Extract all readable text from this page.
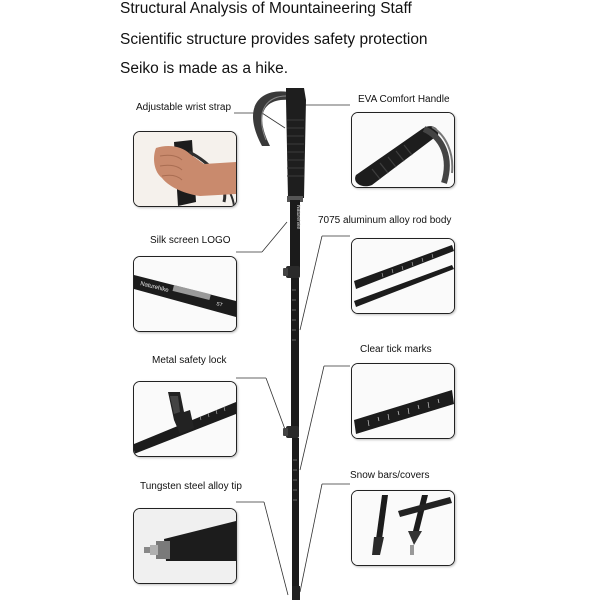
Structural Analysis of Mountaineering Staff
Scientific structure provides safety protection
Seiko is made as a hike.
Naturehike
Adjustable wrist strap
EVA Comfort Handle
Silk screen LOGO
7075 aluminum alloy rod body
Metal safety lock
Clear tick marks
Tungsten steel alloy tip
Snow bars/covers
Naturehike
ST
